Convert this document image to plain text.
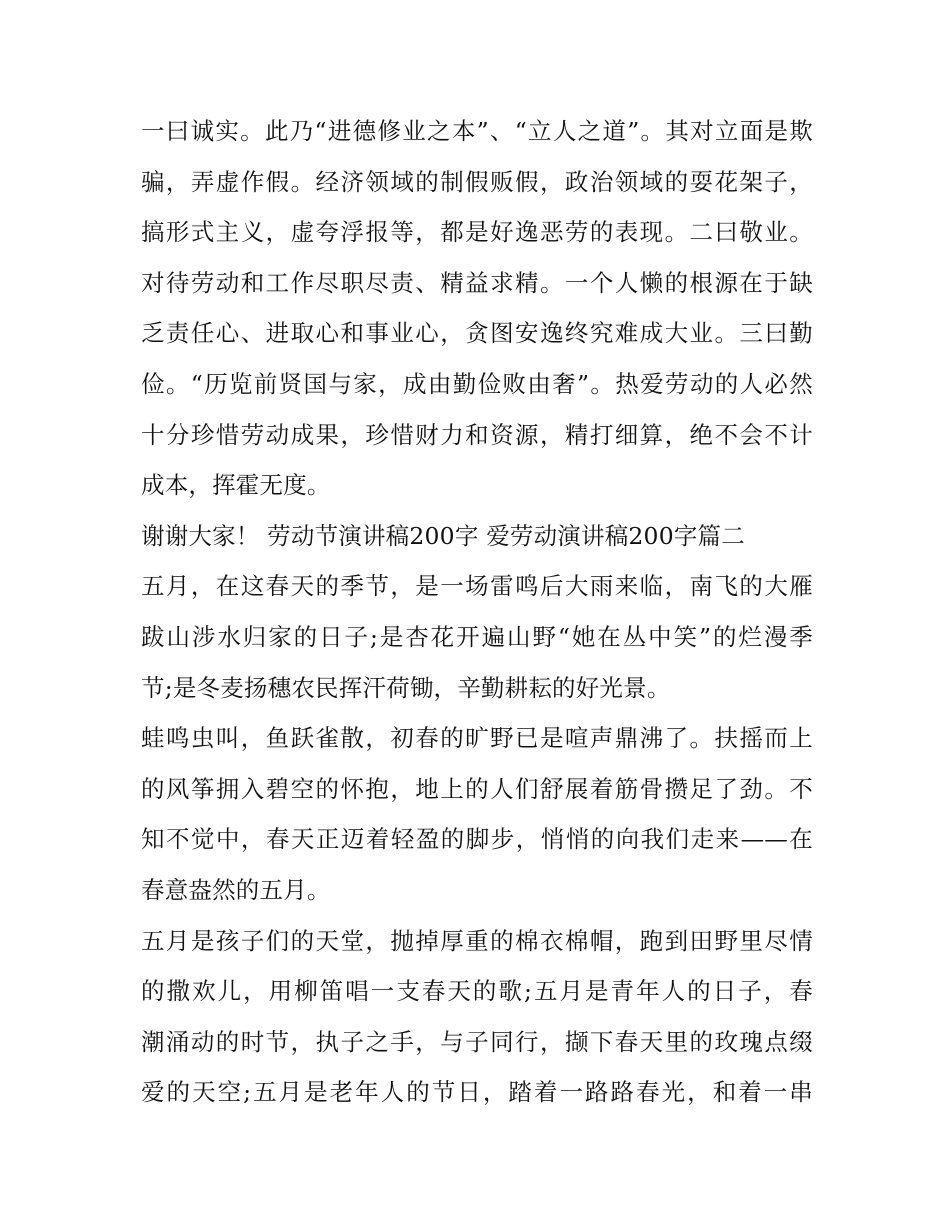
一曰诚实。此乃“进德修业之本”、“立人之道”。其对立面是欺
骗，弄虚作假。经济领域的制假贩假，政治领域的耍花架子，
搞形式主义，虚夸浮报等，都是好逸恶劳的表现。二曰敬业。
对待劳动和工作尽职尽责、精益求精。一个人懒的根源在于缺
乏责任心、进取心和事业心，贪图安逸终究难成大业。三曰勤
俭。“历览前贤国与家，成由勤俭败由奢”。热爱劳动的人必然
十分珍惜劳动成果，珍惜财力和资源，精打细算，绝不会不计
成本，挥霍无度。
谢谢大家！ 劳动节演讲稿200字 爱劳动演讲稿200字篇二
五月，在这春天的季节，是一场雷鸣后大雨来临，南飞的大雁
跋山涉水归家的日子;是杏花开遍山野“她在丛中笑”的烂漫季
节;是冬麦扬穗农民挥汗荷锄，辛勤耕耘的好光景。
蛙鸣虫叫，鱼跃雀散，初春的旷野已是喧声鼎沸了。扶摇而上
的风筝拥入碧空的怀抱，地上的人们舒展着筋骨攒足了劲。不
知不觉中，春天正迈着轻盈的脚步，悄悄的向我们走来——在
春意盎然的五月。
五月是孩子们的天堂，抛掉厚重的棉衣棉帽，跑到田野里尽情
的撒欢儿，用柳笛唱一支春天的歌;五月是青年人的日子，春
潮涌动的时节，执子之手，与子同行，撷下春天里的玫瑰点缀
爱的天空;五月是老年人的节日，踏着一路路春光，和着一串
